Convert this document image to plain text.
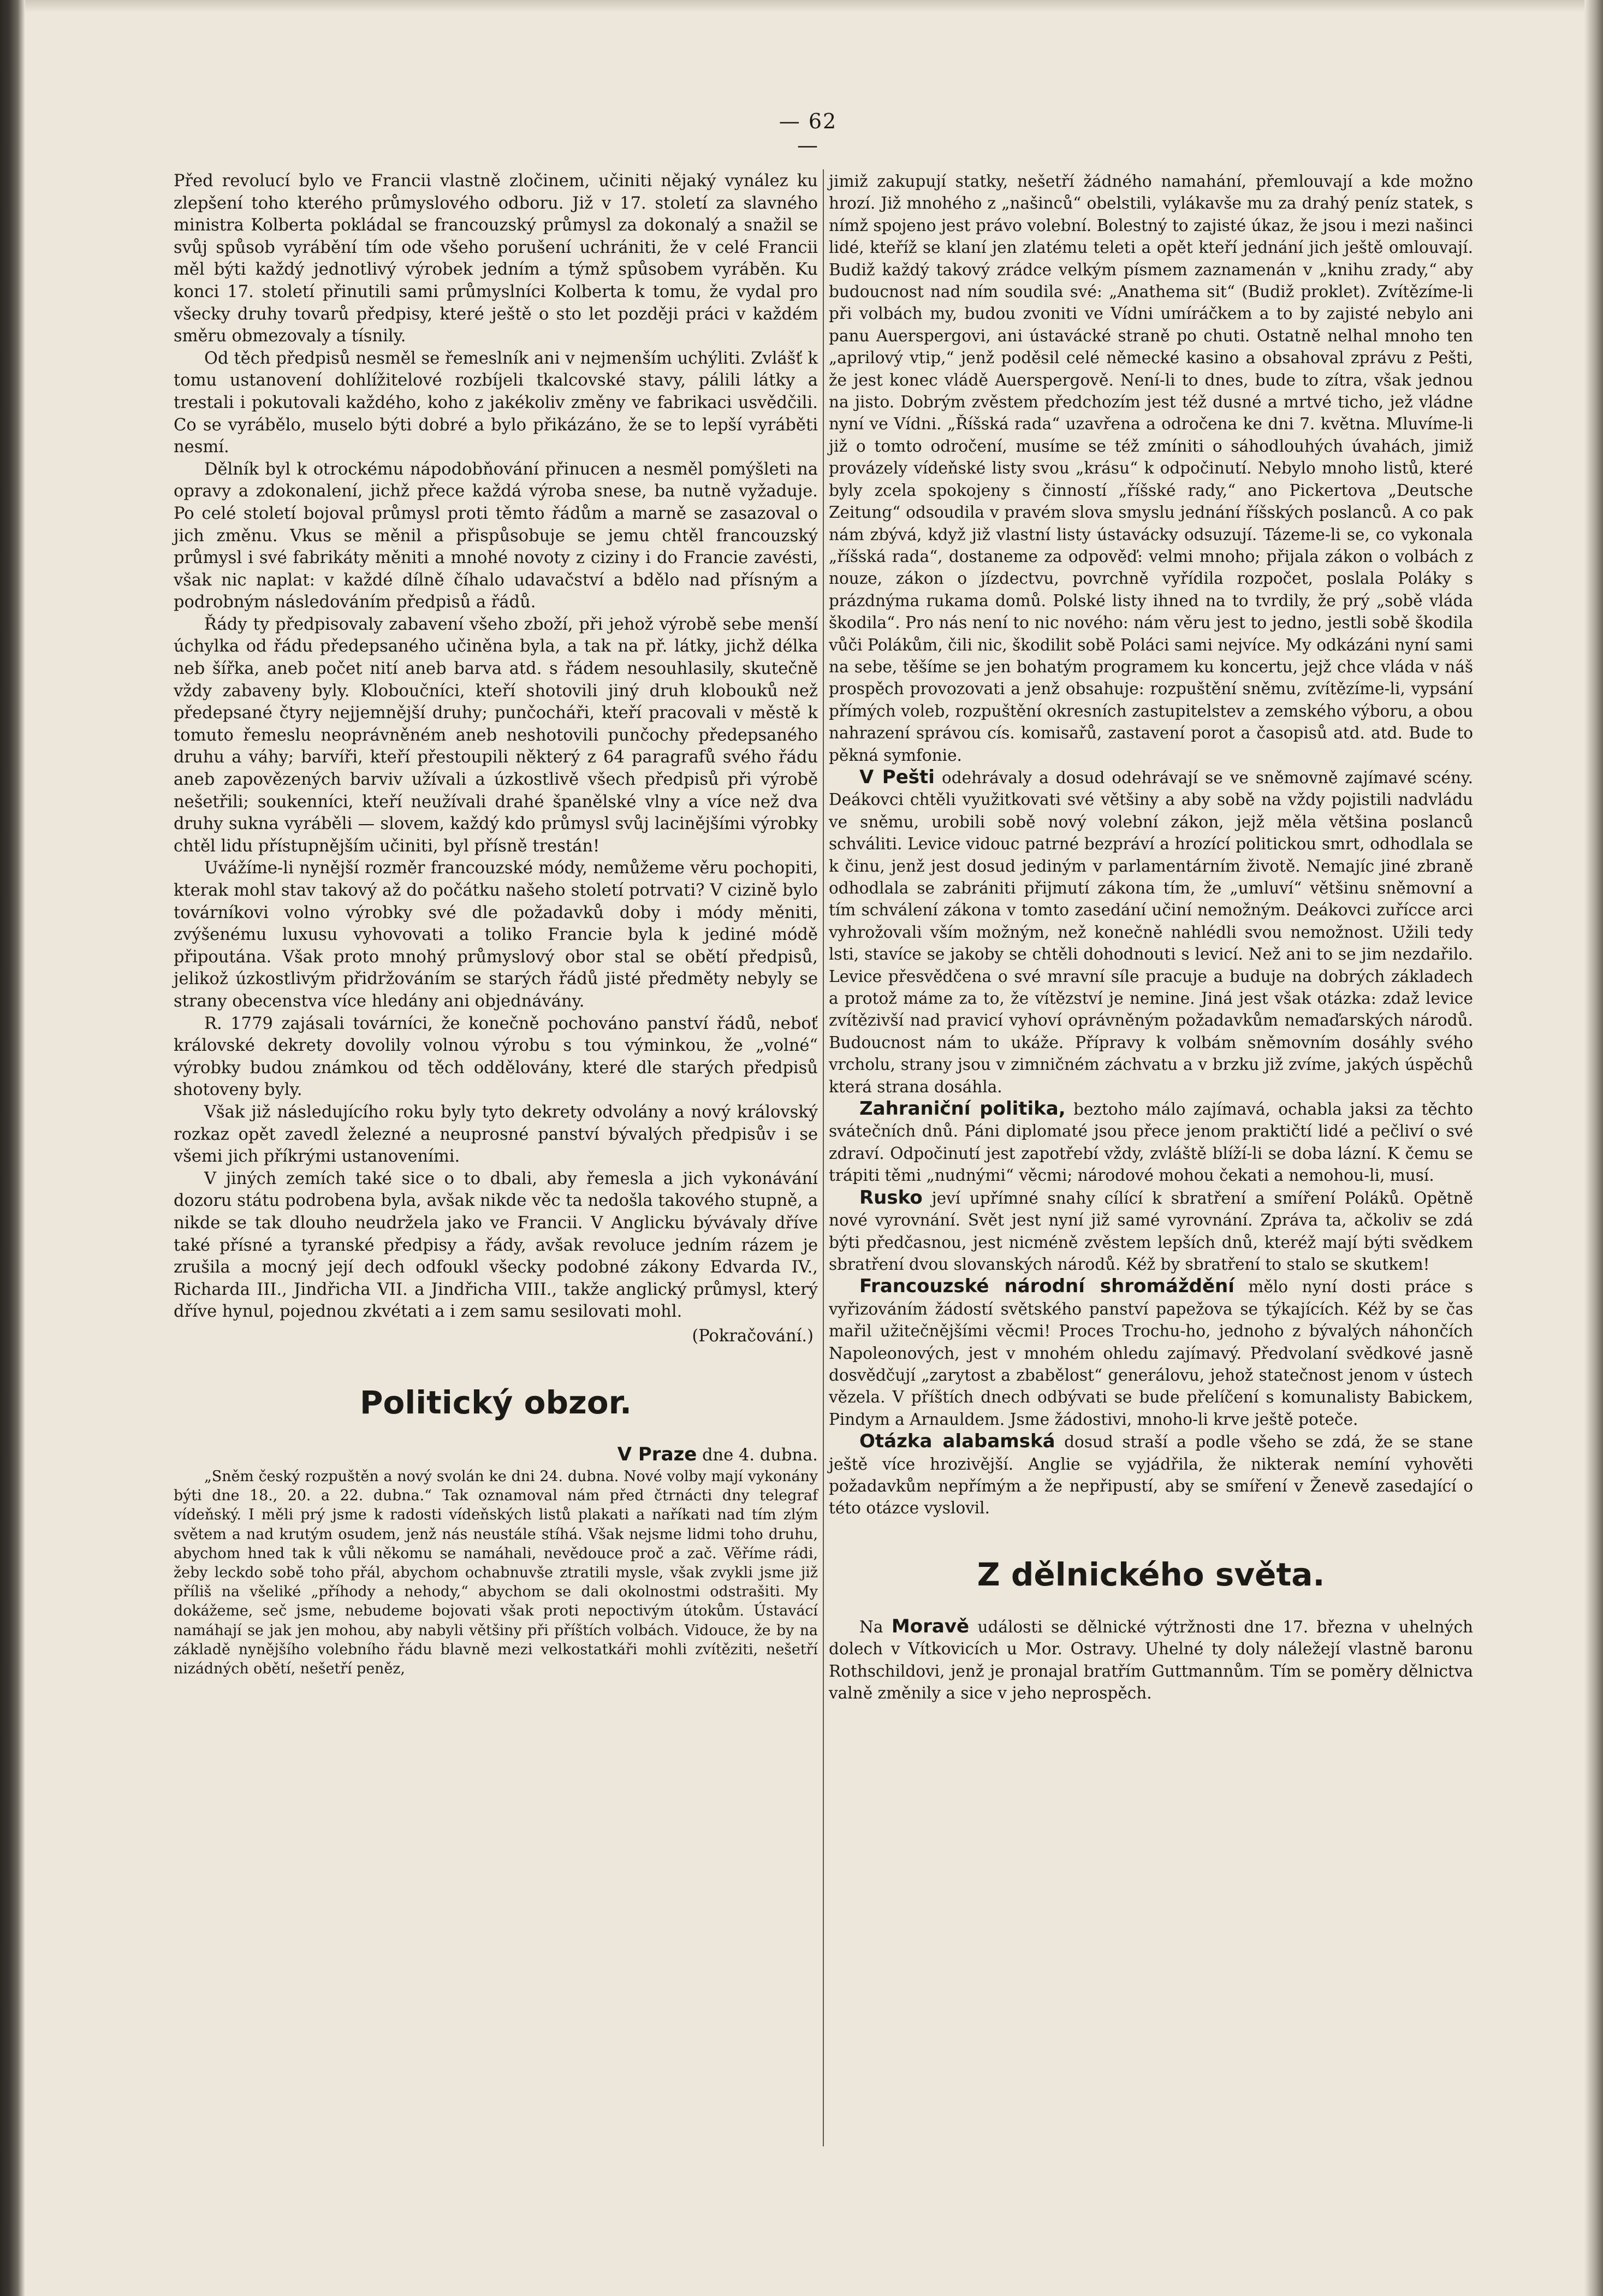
— 62 —

Před revolucí bylo ve Francii vlastně zločinem, učiniti nějaký vynález ku zlepšení toho kterého průmyslového odboru. Již v 17. století za slavného ministra Kolberta pokládal se francouzský průmysl za dokonalý a snažil se svůj spůsob vyrábění tím ode všeho porušení uchrániti, že v celé Francii měl býti každý jednotlivý výrobek jedním a týmž spůsobem vyráběn. Ku konci 17. století přinutili sami průmyslníci Kolberta k tomu, že vydal pro všecky druhy tovarů předpisy, které ještě o sto let později práci v každém směru obmezovaly a tísnily.

Od těch předpisů nesměl se řemeslník ani v nejmenším uchýliti. Zvlášť k tomu ustanovení dohlížitelové rozbíjeli tkalcovské stavy, pálili látky a trestali i pokutovali každého, koho z jakékoliv změny ve fabrikaci usvědčili. Co se vyrábělo, muselo býti dobré a bylo přikázáno, že se to lepší vyráběti nesmí.

Dělník byl k otrockému nápodobňování přinucen a nesměl pomýšleti na opravy a zdokonalení, jichž přece každá výroba snese, ba nutně vyžaduje. Po celé století bojoval průmysl proti těmto řádům a marně se zasazoval o jich změnu. Vkus se měnil a přispůsobuje se jemu chtěl francouzský průmysl i své fabrikáty měniti a mnohé novoty z ciziny i do Francie zavésti, však nic naplat: v každé dílně číhalo udavačství a bdělo nad přísným a podrobným následováním předpisů a řádů.

Řády ty předpisovaly zabavení všeho zboží, při jehož výrobě sebe menší úchylka od řádu předepsaného učiněna byla, a tak na př. látky, jichž délka neb šířka, aneb počet nití aneb barva atd. s řádem nesouhlasily, skutečně vždy zabaveny byly. Kloboučníci, kteří shotovili jiný druh klobouků než předepsané čtyry nejjemnější druhy; punčocháři, kteří pracovali v městě k tomuto řemeslu neoprávněném aneb neshotovili punčochy předepsaného druhu a váhy; barvíři, kteří přestoupili některý z 64 paragrafů svého řádu aneb zapovězených barviv užívali a úzkostlivě všech předpisů při výrobě nešetřili; soukenníci, kteří neužívali drahé španělské vlny a více než dva druhy sukna vyráběli — slovem, každý kdo průmysl svůj lacinějšími výrobky chtěl lidu přístupnějším učiniti, byl přísně trestán!

Uvážíme-li nynější rozměr francouzské módy, nemůžeme věru pochopiti, kterak mohl stav takový až do počátku našeho století potrvati? V cizině bylo továrníkovi volno výrobky své dle požadavků doby i módy měniti, zvýšenému luxusu vyhovovati a toliko Francie byla k jediné módě připoutána. Však proto mnohý průmyslový obor stal se obětí předpisů, jelikož úzkostlivým přidržováním se starých řádů jisté předměty nebyly se strany obecenstva více hledány ani objednávány.

R. 1779 zajásali továrníci, že konečně pochováno panství řádů, neboť královské dekrety dovolily volnou výrobu s tou výminkou, že „volné“ výrobky budou známkou od těch oddělovány, které dle starých předpisů shotoveny byly.

Však již následujícího roku byly tyto dekrety odvolány a nový královský rozkaz opět zavedl železné a neuprosné panství bývalých předpisův i se všemi jich příkrými ustanoveními.

V jiných zemích také sice o to dbali, aby řemesla a jich vykonávání dozoru státu podrobena byla, avšak nikde věc ta nedošla takového stupně, a nikde se tak dlouho neudržela jako ve Francii. V Anglicku bývávaly dříve také přísné a tyranské předpisy a řády, avšak revoluce jedním rázem je zrušila a mocný její dech odfoukl všecky podobné zákony Edvarda IV., Richarda III., Jindřicha VII. a Jindřicha VIII., takže anglický průmysl, který dříve hynul, pojednou zkvétati a i zem samu sesilovati mohl.

(Pokračování.)

Politický obzor.

V Praze dne 4. dubna.

„Sněm český rozpuštěn a nový svolán ke dni 24. dubna. Nové volby mají vykonány býti dne 18., 20. a 22. dubna.“ Tak oznamoval nám před čtrnácti dny telegraf vídeňský. I měli prý jsme k radosti vídeňských listů plakati a naříkati nad tím zlým světem a nad krutým osudem, jenž nás neustále stíhá. Však nejsme lidmi toho druhu, abychom hned tak k vůli někomu se namáhali, nevědouce proč a zač. Věříme rádi, žeby leckdo sobě toho přál, abychom ochabnuvše ztratili mysle, však zvykli jsme již příliš na všeliké „příhody a nehody,“ abychom se dali okolnostmi odstrašiti. My dokážeme, seč jsme, nebudeme bojovati však proti nepoctivým útokům. Ústavácí namáhají se jak jen mohou, aby nabyli většiny při příštích volbách. Vidouce, že by na základě nynějšího volebního řádu blavně mezi velkostatkáři mohli zvítěziti, nešetří nizádných obětí, nešetří peněz,

jimiž zakupují statky, nešetří žádného namahání, přemlouvají a kde možno hrozí. Již mnohého z „našinců“ obelstili, vylákavše mu za drahý peníz statek, s nímž spojeno jest právo volební. Bolestný to zajisté úkaz, že jsou i mezi našinci lidé, kteříž se klaní jen zlatému teleti a opět kteří jednání jich ještě omlouvají. Budiž každý takový zrádce velkým písmem zaznamenán v „knihu zrady,“ aby budoucnost nad ním soudila své: „Anathema sit“ (Budiž proklet). Zvítězíme-li při volbách my, budou zvoniti ve Vídni umíráčkem a to by zajisté nebylo ani panu Auerspergovi, ani ústavácké straně po chuti. Ostatně nelhal mnoho ten „aprilový vtip,“ jenž poděsil celé německé kasino a obsahoval zprávu z Pešti, že jest konec vládě Auerspergově. Není-li to dnes, bude to zítra, však jednou na jisto. Dobrým zvěstem předchozím jest též dusné a mrtvé ticho, jež vládne nyní ve Vídni. „Říšská rada“ uzavřena a odročena ke dni 7. května. Mluvíme-li již o tomto odročení, musíme se též zmíniti o sáhodlouhých úvahách, jimiž provázely vídeňské listy svou „krásu“ k odpočinutí. Nebylo mnoho listů, které byly zcela spokojeny s činností „říšské rady,“ ano Pickertova „Deutsche Zeitung“ odsoudila v pravém slova smyslu jednání říšských poslanců. A co pak nám zbývá, když již vlastní listy ústavácky odsuzují. Tázeme-li se, co vykonala „říšská rada“, dostaneme za odpověď: velmi mnoho; přijala zákon o volbách z nouze, zákon o jízdectvu, povrchně vyřídila rozpočet, poslala Poláky s prázdnýma rukama domů. Polské listy ihned na to tvrdily, že prý „sobě vláda škodila“. Pro nás není to nic nového: nám věru jest to jedno, jestli sobě škodila vůči Polákům, čili nic, škodilit sobě Poláci sami nejvíce. My odkázáni nyní sami na sebe, těšíme se jen bohatým programem ku koncertu, jejž chce vláda v náš prospěch provozovati a jenž obsahuje: rozpuštění sněmu, zvítězíme-li, vypsání přímých voleb, rozpuštění okresních zastupitelstev a zemského výboru, a obou nahrazení správou cís. komisařů, zastavení porot a časopisů atd. atd. Bude to pěkná symfonie.

V Pešti odehrávaly a dosud odehrávají se ve sněmovně zajímavé scény. Deákovci chtěli využitkovati své většiny a aby sobě na vždy pojistili nadvládu ve sněmu, urobili sobě nový volební zákon, jejž měla většina poslanců schváliti. Levice vidouc patrné bezpráví a hrozící politickou smrt, odhodlala se k činu, jenž jest dosud jediným v parlamentárním životě. Nemajíc jiné zbraně odhodlala se zabrániti přijmutí zákona tím, že „umluví“ většinu sněmovní a tím schválení zákona v tomto zasedání učiní nemožným. Deákovci zuřícce arci vyhrožovali vším možným, než konečně nahlédli svou nemožnost. Užili tedy lsti, stavíce se jakoby se chtěli dohodnouti s levicí. Než ani to se jim nezdařilo. Levice přesvědčena o své mravní síle pracuje a buduje na dobrých základech a protož máme za to, že vítězství je nemine. Jiná jest však otázka: zdaž levice zvítězivší nad pravicí vyhoví oprávněným požadavkům nemaďarských národů. Budoucnost nám to ukáže. Přípravy k volbám sněmovním dosáhly svého vrcholu, strany jsou v zimničném záchvatu a v brzku již zvíme, jakých úspěchů která strana dosáhla.

Zahraniční politika, beztoho málo zajímavá, ochabla jaksi za těchto svátečních dnů. Páni diplomaté jsou přece jenom praktičtí lidé a pečliví o své zdraví. Odpočinutí jest zapotřebí vždy, zvláště blíží-li se doba lázní. K čemu se trápiti těmi „nudnými“ věcmi; národové mohou čekati a nemohou-li, musí.

Rusko jeví upřímné snahy cílící k sbratření a smíření Poláků. Opětně nové vyrovnání. Svět jest nyní již samé vyrovnání. Zpráva ta, ačkoliv se zdá býti předčasnou, jest nicméně zvěstem lepších dnů, kteréž mají býti svědkem sbratření dvou slovanských národů. Kéž by sbratření to stalo se skutkem!

Francouzské národní shromáždění mělo nyní dosti práce s vyřizováním žádostí světského panství papežova se týkajících. Kéž by se čas mařil užitečnějšími věcmi! Proces Trochu-ho, jednoho z bývalých náhončích Napoleonových, jest v mnohém ohledu zajímavý. Předvolaní svědkové jasně dosvědčují „zarytost a zbabělost“ generálovu, jehož statečnost jenom v ústech vězela. V příštích dnech odbývati se bude přelíčení s komunalisty Babickem, Pindym a Arnauldem. Jsme žádostivi, mnoho-li krve ještě poteče.

Otázka alabamská dosud straší a podle všeho se zdá, že se stane ještě více hrozivější. Anglie se vyjádřila, že nikterak nemíní vyhověti požadavkům nepřímým a že nepřipustí, aby se smíření v Ženevě zasedající o této otázce vyslovil.

Z dělnického světa.

Na Moravě události se dělnické výtržnosti dne 17. března v uhelných dolech v Vítkovicích u Mor. Ostravy. Uhelné ty doly náležejí vlastně baronu Rothschildovi, jenž je pronajal bratřím Guttmannům. Tím se poměry dělnictva valně změnily a sice v jeho neprospěch.
